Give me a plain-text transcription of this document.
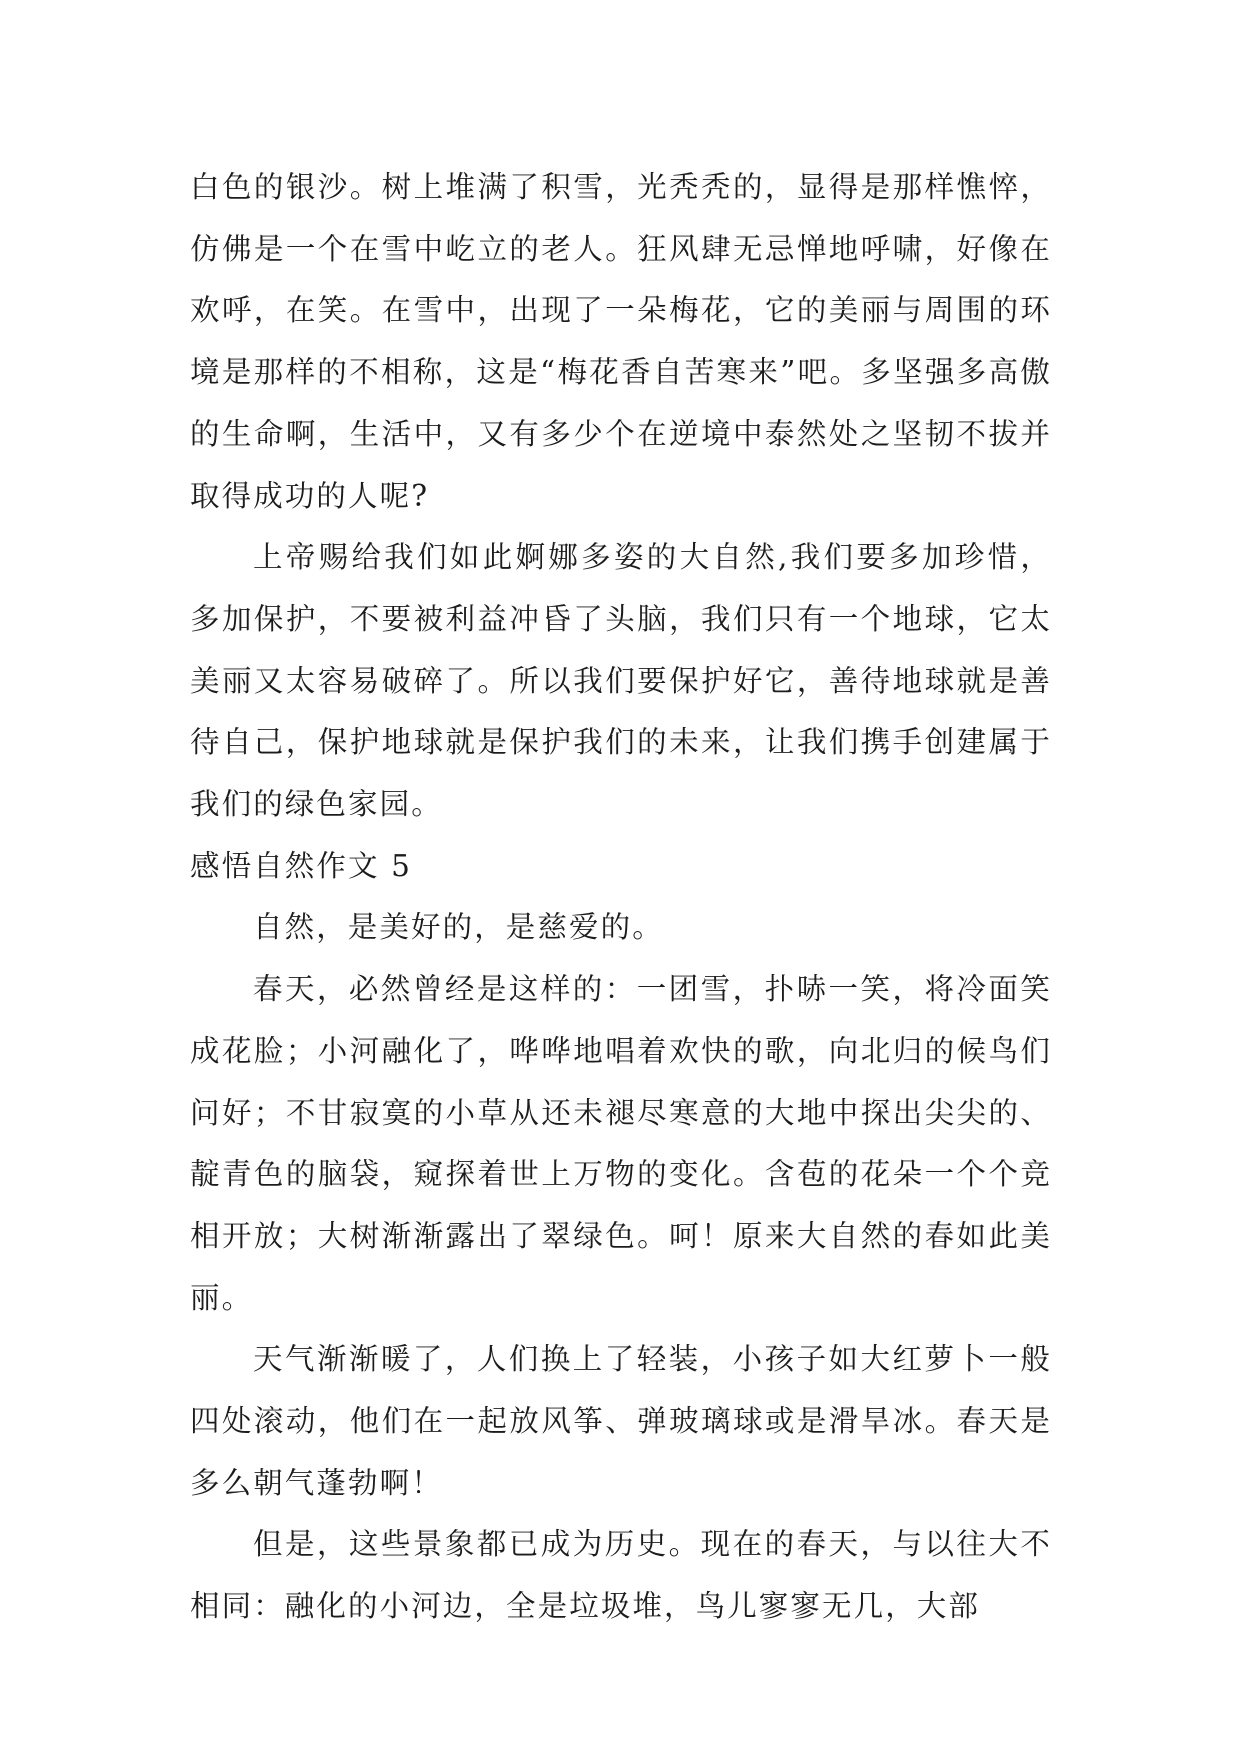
白色的银沙。树上堆满了积雪，光秃秃的，显得是那样憔悴，仿佛是一个在雪中屹立的老人。狂风肆无忌惮地呼啸，好像在欢呼，在笑。在雪中，出现了一朵梅花，它的美丽与周围的环境是那样的不相称，这是“梅花香自苦寒来”吧。多坚强多高傲的生命啊，生活中，又有多少个在逆境中泰然处之坚韧不拔并取得成功的人呢?

上帝赐给我们如此婀娜多姿的大自然,我们要多加珍惜，多加保护，不要被利益冲昏了头脑，我们只有一个地球，它太美丽又太容易破碎了。所以我们要保护好它，善待地球就是善待自己，保护地球就是保护我们的未来，让我们携手创建属于我们的绿色家园。

感悟自然作文 5

自然，是美好的，是慈爱的。

春天，必然曾经是这样的：一团雪，扑哧一笑，将冷面笑成花脸；小河融化了，哗哗地唱着欢快的歌，向北归的候鸟们问好；不甘寂寞的小草从还未褪尽寒意的大地中探出尖尖的、靛青色的脑袋，窥探着世上万物的变化。含苞的花朵一个个竞相开放；大树渐渐露出了翠绿色。呵！原来大自然的春如此美丽。

天气渐渐暖了，人们换上了轻装，小孩子如大红萝卜一般四处滚动，他们在一起放风筝、弹玻璃球或是滑旱冰。春天是多么朝气蓬勃啊！

但是，这些景象都已成为历史。现在的春天，与以往大不相同：融化的小河边，全是垃圾堆，鸟儿寥寥无几，大部
